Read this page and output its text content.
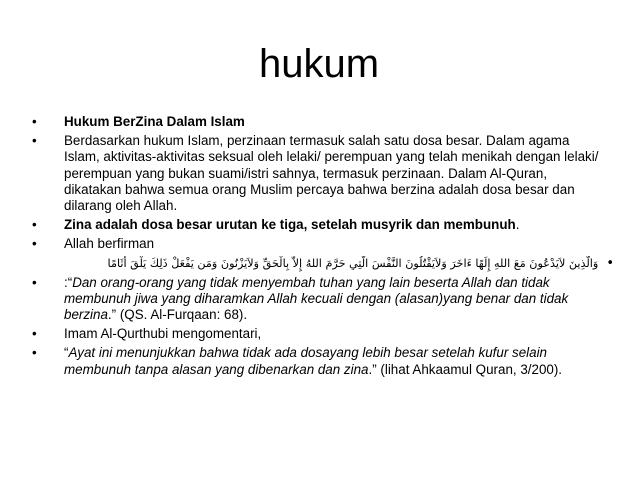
hukum
•	Hukum BerZina Dalam Islam
•	Berdasarkan hukum Islam, perzinaan termasuk salah satu dosa besar. Dalam agama Islam, aktivitas-aktivitas seksual oleh lelaki/ perempuan yang telah menikah dengan lelaki/ perempuan yang bukan suami/istri sahnya, termasuk perzinaan. Dalam Al-Quran, dikatakan bahwa semua orang Muslim percaya bahwa berzina adalah dosa besar dan dilarang oleh Allah.
•	Zina adalah dosa besar urutan ke tiga, setelah musyrik dan membunuh.
•	Allah berfirman
•وَالَّذِينَ لاَيَدْعُونَ مَعَ اللهِ إِلَهًا ءَاخَرَ وَلاَيَقْتُلُونَ النَّفْسَ الَّتِي حَرَّمَ اللهُ إِلاَّ بِالْحَقِّ وَلاَيَزْنُونَ وَمَن يَفْعَلْ ذَلِكَ يَلْقَ أَثَامًا
•	:“Dan orang-orang yang tidak menyembah tuhan yang lain beserta Allah dan tidak membunuh jiwa yang diharamkan Allah kecuali dengan (alasan)yang benar dan tidak berzina.” (QS. Al-Furqaan: 68).
•	Imam Al-Qurthubi mengomentari,
•	“Ayat ini menunjukkan bahwa tidak ada dosayang lebih besar setelah kufur selain membunuh tanpa alasan yang dibenarkan dan zina.” (lihat Ahkaamul Quran, 3/200).
